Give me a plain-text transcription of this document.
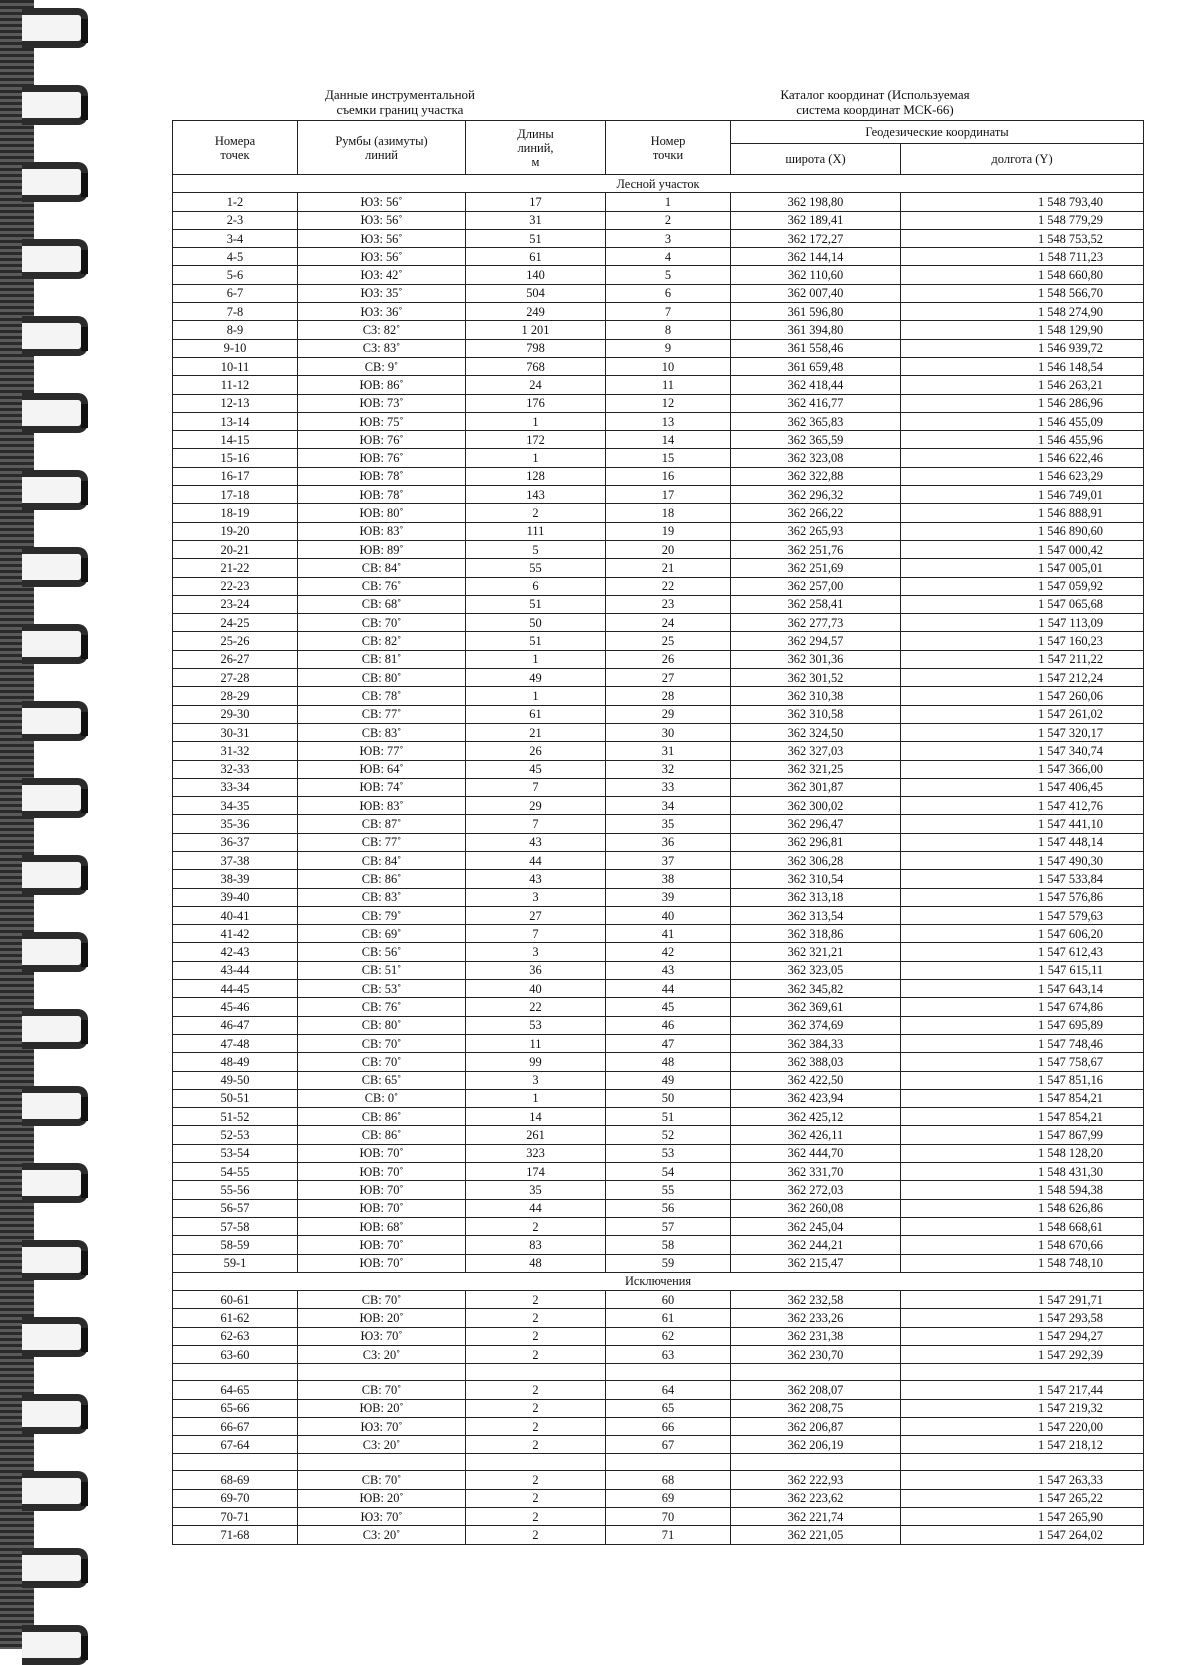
Данные инструментальной
съемки границ участка
Каталог координат (Используемая
система координат МСК-66)
Номера
точек	Румбы (азимуты)
линий	Длины
линий,
м	Номер
точки	Геодезические координаты	
				широта (X)	долгота (Y)
Лесной участок					
1-2	ЮЗ: 56˚	17	1	362 198,80	1 548 793,40
2-3	ЮЗ: 56˚	31	2	362 189,41	1 548 779,29
3-4	ЮЗ: 56˚	51	3	362 172,27	1 548 753,52
4-5	ЮЗ: 56˚	61	4	362 144,14	1 548 711,23
5-6	ЮЗ: 42˚	140	5	362 110,60	1 548 660,80
6-7	ЮЗ: 35˚	504	6	362 007,40	1 548 566,70
7-8	ЮЗ: 36˚	249	7	361 596,80	1 548 274,90
8-9	СЗ: 82˚	1 201	8	361 394,80	1 548 129,90
9-10	СЗ: 83˚	798	9	361 558,46	1 546 939,72
10-11	СВ: 9˚	768	10	361 659,48	1 546 148,54
11-12	ЮВ: 86˚	24	11	362 418,44	1 546 263,21
12-13	ЮВ: 73˚	176	12	362 416,77	1 546 286,96
13-14	ЮВ: 75˚	1	13	362 365,83	1 546 455,09
14-15	ЮВ: 76˚	172	14	362 365,59	1 546 455,96
15-16	ЮВ: 76˚	1	15	362 323,08	1 546 622,46
16-17	ЮВ: 78˚	128	16	362 322,88	1 546 623,29
17-18	ЮВ: 78˚	143	17	362 296,32	1 546 749,01
18-19	ЮВ: 80˚	2	18	362 266,22	1 546 888,91
19-20	ЮВ: 83˚	111	19	362 265,93	1 546 890,60
20-21	ЮВ: 89˚	5	20	362 251,76	1 547 000,42
21-22	СВ: 84˚	55	21	362 251,69	1 547 005,01
22-23	СВ: 76˚	6	22	362 257,00	1 547 059,92
23-24	СВ: 68˚	51	23	362 258,41	1 547 065,68
24-25	СВ: 70˚	50	24	362 277,73	1 547 113,09
25-26	СВ: 82˚	51	25	362 294,57	1 547 160,23
26-27	СВ: 81˚	1	26	362 301,36	1 547 211,22
27-28	СВ: 80˚	49	27	362 301,52	1 547 212,24
28-29	СВ: 78˚	1	28	362 310,38	1 547 260,06
29-30	СВ: 77˚	61	29	362 310,58	1 547 261,02
30-31	СВ: 83˚	21	30	362 324,50	1 547 320,17
31-32	ЮВ: 77˚	26	31	362 327,03	1 547 340,74
32-33	ЮВ: 64˚	45	32	362 321,25	1 547 366,00
33-34	ЮВ: 74˚	7	33	362 301,87	1 547 406,45
34-35	ЮВ: 83˚	29	34	362 300,02	1 547 412,76
35-36	СВ: 87˚	7	35	362 296,47	1 547 441,10
36-37	СВ: 77˚	43	36	362 296,81	1 547 448,14
37-38	СВ: 84˚	44	37	362 306,28	1 547 490,30
38-39	СВ: 86˚	43	38	362 310,54	1 547 533,84
39-40	СВ: 83˚	3	39	362 313,18	1 547 576,86
40-41	СВ: 79˚	27	40	362 313,54	1 547 579,63
41-42	СВ: 69˚	7	41	362 318,86	1 547 606,20
42-43	СВ: 56˚	3	42	362 321,21	1 547 612,43
43-44	СВ: 51˚	36	43	362 323,05	1 547 615,11
44-45	СВ: 53˚	40	44	362 345,82	1 547 643,14
45-46	СВ: 76˚	22	45	362 369,61	1 547 674,86
46-47	СВ: 80˚	53	46	362 374,69	1 547 695,89
47-48	СВ: 70˚	11	47	362 384,33	1 547 748,46
48-49	СВ: 70˚	99	48	362 388,03	1 547 758,67
49-50	СВ: 65˚	3	49	362 422,50	1 547 851,16
50-51	СВ: 0˚	1	50	362 423,94	1 547 854,21
51-52	СВ: 86˚	14	51	362 425,12	1 547 854,21
52-53	СВ: 86˚	261	52	362 426,11	1 547 867,99
53-54	ЮВ: 70˚	323	53	362 444,70	1 548 128,20
54-55	ЮВ: 70˚	174	54	362 331,70	1 548 431,30
55-56	ЮВ: 70˚	35	55	362 272,03	1 548 594,38
56-57	ЮВ: 70˚	44	56	362 260,08	1 548 626,86
57-58	ЮВ: 68˚	2	57	362 245,04	1 548 668,61
58-59	ЮВ: 70˚	83	58	362 244,21	1 548 670,66
59-1	ЮВ: 70˚	48	59	362 215,47	1 548 748,10
Исключения					
60-61	СВ: 70˚	2	60	362 232,58	1 547 291,71
61-62	ЮВ: 20˚	2	61	362 233,26	1 547 293,58
62-63	ЮЗ: 70˚	2	62	362 231,38	1 547 294,27
63-60	СЗ: 20˚	2	63	362 230,70	1 547 292,39

64-65	СВ: 70˚	2	64	362 208,07	1 547 217,44
65-66	ЮВ: 20˚	2	65	362 208,75	1 547 219,32
66-67	ЮЗ: 70˚	2	66	362 206,87	1 547 220,00
67-64	СЗ: 20˚	2	67	362 206,19	1 547 218,12

68-69	СВ: 70˚	2	68	362 222,93	1 547 263,33
69-70	ЮВ: 20˚	2	69	362 223,62	1 547 265,22
70-71	ЮЗ: 70˚	2	70	362 221,74	1 547 265,90
71-68	СЗ: 20˚	2	71	362 221,05	1 547 264,02
